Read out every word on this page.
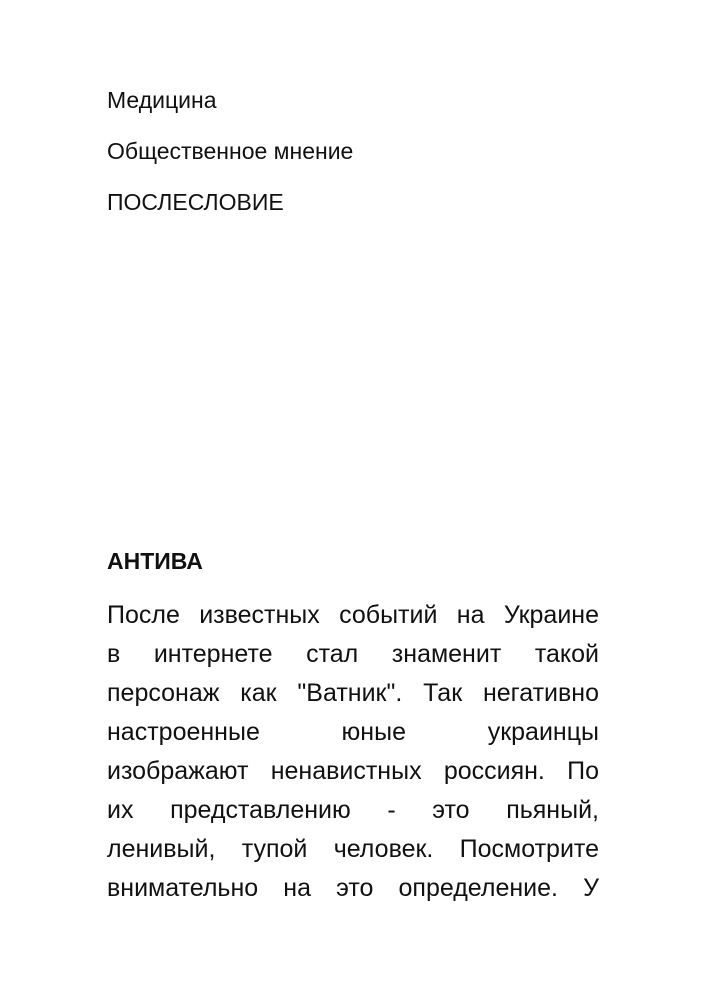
Медицина
Общественное мнение
ПОСЛЕСЛОВИЕ
АНТИВА
После известных событий на Украине
в интернете стал знаменит такой
персонаж как "Ватник". Так негативно
настроенные юные украинцы
изображают ненавистных россиян. По
их представлению - это пьяный,
ленивый, тупой человек. Посмотрите
внимательно на это определение. У
